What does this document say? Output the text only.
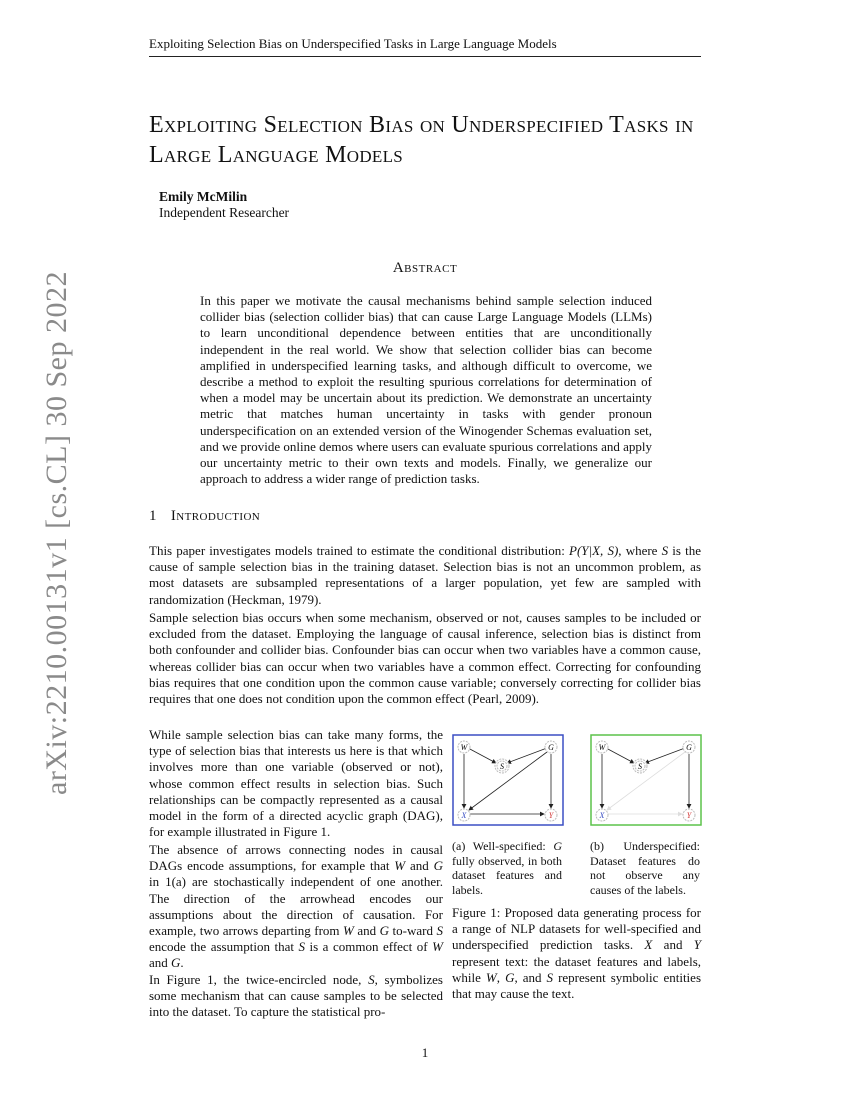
Exploiting Selection Bias on Underspecified Tasks in Large Language Models
arXiv:2210.00131v1 [cs.CL] 30 Sep 2022
Exploiting Selection Bias on Underspecified Tasks in Large Language Models
Emily McMilin
Independent Researcher
Abstract
In this paper we motivate the causal mechanisms behind sample selection induced collider bias (selection collider bias) that can cause Large Language Models (LLMs) to learn unconditional dependence between entities that are unconditionally independent in the real world. We show that selection collider bias can become amplified in underspecified learning tasks, and although difficult to overcome, we describe a method to exploit the resulting spurious correlations for determination of when a model may be uncertain about its prediction. We demonstrate an uncertainty metric that matches human uncertainty in tasks with gender pronoun underspecification on an extended version of the Winogender Schemas evaluation set, and we provide online demos where users can evaluate spurious correlations and apply our uncertainty metric to their own texts and models. Finally, we generalize our approach to address a wider range of prediction tasks.
1 Introduction
This paper investigates models trained to estimate the conditional distribution: P(Y|X, S), where S is the cause of sample selection bias in the training dataset. Selection bias is not an uncommon problem, as most datasets are subsampled representations of a larger population, yet few are sampled with randomization (Heckman, 1979).
Sample selection bias occurs when some mechanism, observed or not, causes samples to be included or excluded from the dataset. Employing the language of causal inference, selection bias is distinct from both confounder and collider bias. Confounder bias can occur when two variables have a common cause, whereas collider bias can occur when two variables have a common effect. Correcting for confounding bias requires that one condition upon the common cause variable; conversely correcting for collider bias requires that one does not condition upon the common effect (Pearl, 2009).
While sample selection bias can take many forms, the type of selection bias that interests us here is that which involves more than one variable (observed or not), whose common effect results in selection bias. Such relationships can be compactly represented as a causal model in the form of a directed acyclic graph (DAG), for example illustrated in Figure 1.
The absence of arrows connecting nodes in causal DAGs encode assumptions, for example that W and G in 1(a) are stochastically independent of one another. The direction of the arrowhead encodes our assumptions about the direction of causation. For example, two arrows departing from W and G to-ward S encode the assumption that S is a common effect of W and G.
In Figure 1, the twice-encircled node, S, symbolizes some mechanism that can cause samples to be selected into the dataset. To capture the statistical pro-
W	G
S
X	Y
(a) Well-specified: G fully observed, in both dataset features and labels.
W	G
S
X	Y
(b) Underspecified: Dataset features do not observe any causes of the labels.
Figure 1: Proposed data generating process for a range of NLP datasets for well-specified and underspecified prediction tasks. X and Y represent text: the dataset features and labels, while W, G, and S represent symbolic entities that may cause the text.
1
